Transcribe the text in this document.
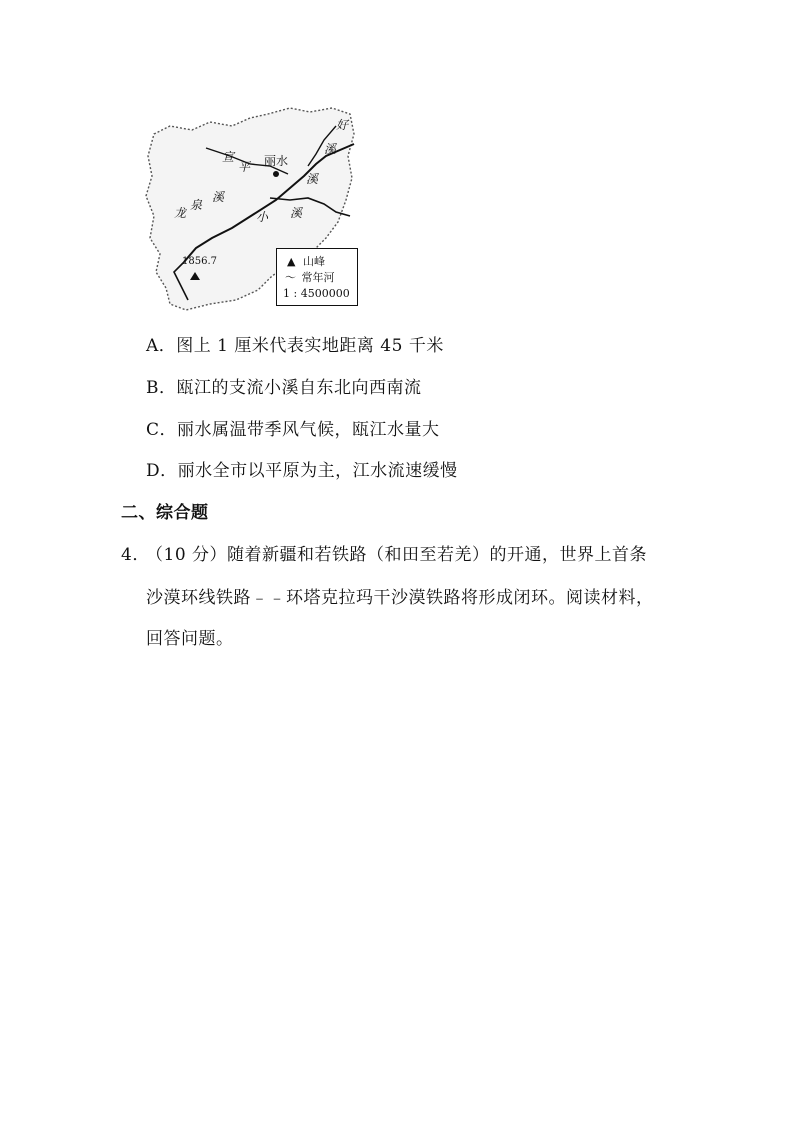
丽水
宣
平
好
溪
龙
泉
溪
小 溪
溪
1856.7	▲ 山峰
〜 常年河
1 : 4500000
A．图上 1 厘米代表实地距离 45 千米
B．瓯江的支流小溪自东北向西南流
C．丽水属温带季风气候，瓯江水量大
D．丽水全市以平原为主，江水流速缓慢
二、综合题
4．（10 分）随着新疆和若铁路（和田至若羌）的开通，世界上首条
沙漠环线铁路﹣﹣环塔克拉玛干沙漠铁路将形成闭环。阅读材料，
回答问题。
